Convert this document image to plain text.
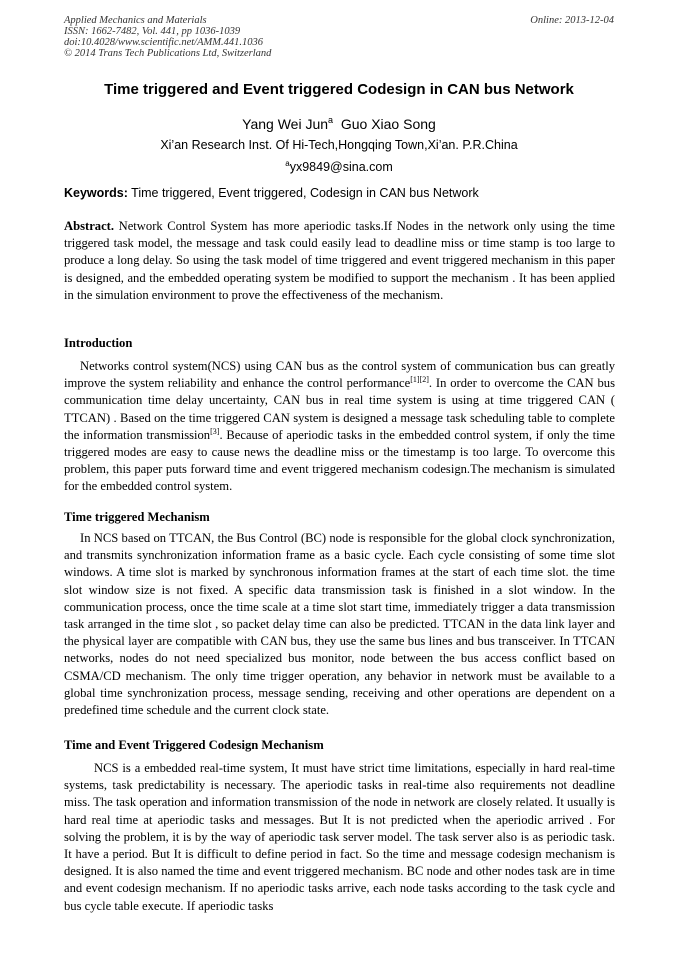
Applied Mechanics and Materials
ISSN: 1662-7482, Vol. 441, pp 1036-1039
doi:10.4028/www.scientific.net/AMM.441.1036
© 2014 Trans Tech Publications Ltd, Switzerland
Online: 2013-12-04
Time triggered and Event triggered Codesign in CAN bus Network
Yang Wei Jun$^a$ Guo Xiao Song
Xi’an Research Inst. Of Hi-Tech,Hongqing Town,Xi’an. P.R.China
$^a$yx9849@sina.com
Keywords: Time triggered, Event triggered, Codesign in CAN bus Network
Abstract. Network Control System has more aperiodic tasks.If Nodes in the network only using the time triggered task model, the message and task could easily lead to deadline miss or time stamp is too large to produce a long delay. So using the task model of time triggered and event triggered mechanism in this paper is designed, and the embedded operating system be modified to support the mechanism . It has been applied in the simulation environment to prove the effectiveness of the mechanism.
Introduction
Networks control system(NCS) using CAN bus as the control system of communication bus can greatly improve the system reliability and enhance the control performance[1][2]. In order to overcome the CAN bus communication time delay uncertainty, CAN bus in real time system is using at time triggered CAN ( TTCAN) . Based on the time triggered CAN system is designed a message task scheduling table to complete the information transmission[3]. Because of aperiodic tasks in the embedded control system, if only the time triggered modes are easy to cause news the deadline miss or the timestamp is too large. To overcome this problem, this paper puts forward time and event triggered mechanism codesign.The mechanism is simulated for the embedded control system.
Time triggered Mechanism
In NCS based on TTCAN, the Bus Control (BC) node is responsible for the global clock synchronization, and transmits synchronization information frame as a basic cycle. Each cycle consisting of some time slot windows. A time slot is marked by synchronous information frames at the start of each time slot. the time slot window size is not fixed. A specific data transmission task is finished in a slot window. In the communication process, once the time scale at a time slot start time, immediately trigger a data transmission task arranged in the time slot , so packet delay time can also be predicted. TTCAN in the data link layer and the physical layer are compatible with CAN bus, they use the same bus lines and bus transceiver. In TTCAN networks, nodes do not need specialized bus monitor, node between the bus access conflict based on CSMA/CD mechanism. The only time trigger operation, any behavior in network must be available to a global time synchronization process, message sending, receiving and other operations are dependent on a predefined time schedule and the current clock state.
Time and Event Triggered Codesign Mechanism
NCS is a embedded real-time system, It must have strict time limitations, especially in hard real-time systems, task predictability is necessary. The aperiodic tasks in real-time also requirements not deadline miss. The task operation and information transmission of the node in network are closely related. It usually is hard real time at aperiodic tasks and messages. But It is not predicted when the aperiodic arrived . For solving the problem, it is by the way of aperiodic task server model. The task server also is as periodic task. It have a period. But It is difficult to define period in fact. So the time and message codesign mechanism is designed. It is also named the time and event triggered mechanism. BC node and other nodes task are in time and event codesign mechanism. If no aperiodic tasks arrive, each node tasks according to the task cycle and bus cycle table execute. If aperiodic tasks
